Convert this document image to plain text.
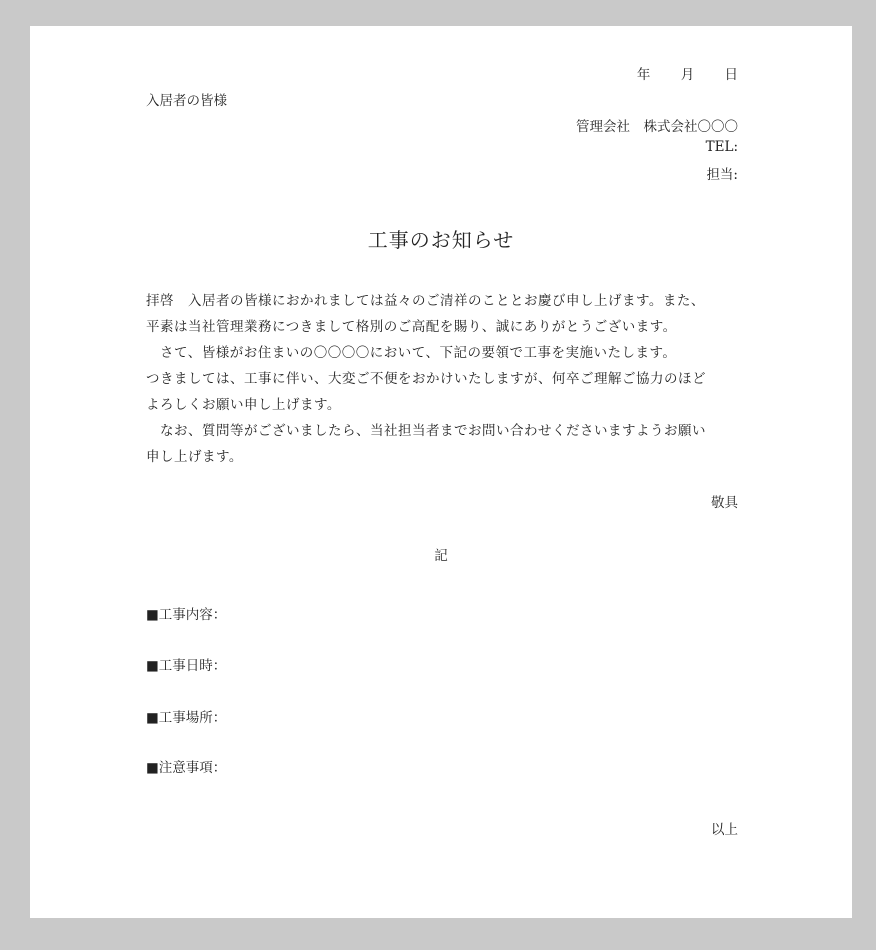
年 月 日
入居者の皆様
管理会社　株式会社〇〇〇
TEL:
担当:
工事のお知らせ

拝啓　入居者の皆様におかれましては益々のご清祥のこととお慶び申し上げます。また、

平素は当社管理業務につきまして格別のご高配を賜り、誠にありがとうございます。

　さて、皆様がお住まいの〇〇〇〇において、下記の要領で工事を実施いたします。

つきましては、工事に伴い、大変ご不便をおかけいたしますが、何卒ご理解ご協力のほど

よろしくお願い申し上げます。

　なお、質問等がございましたら、当社担当者までお問い合わせくださいますようお願い

申し上げます。

敬具
記
■工事内容：
■工事日時：
■工事場所：
■注意事項：
以上
